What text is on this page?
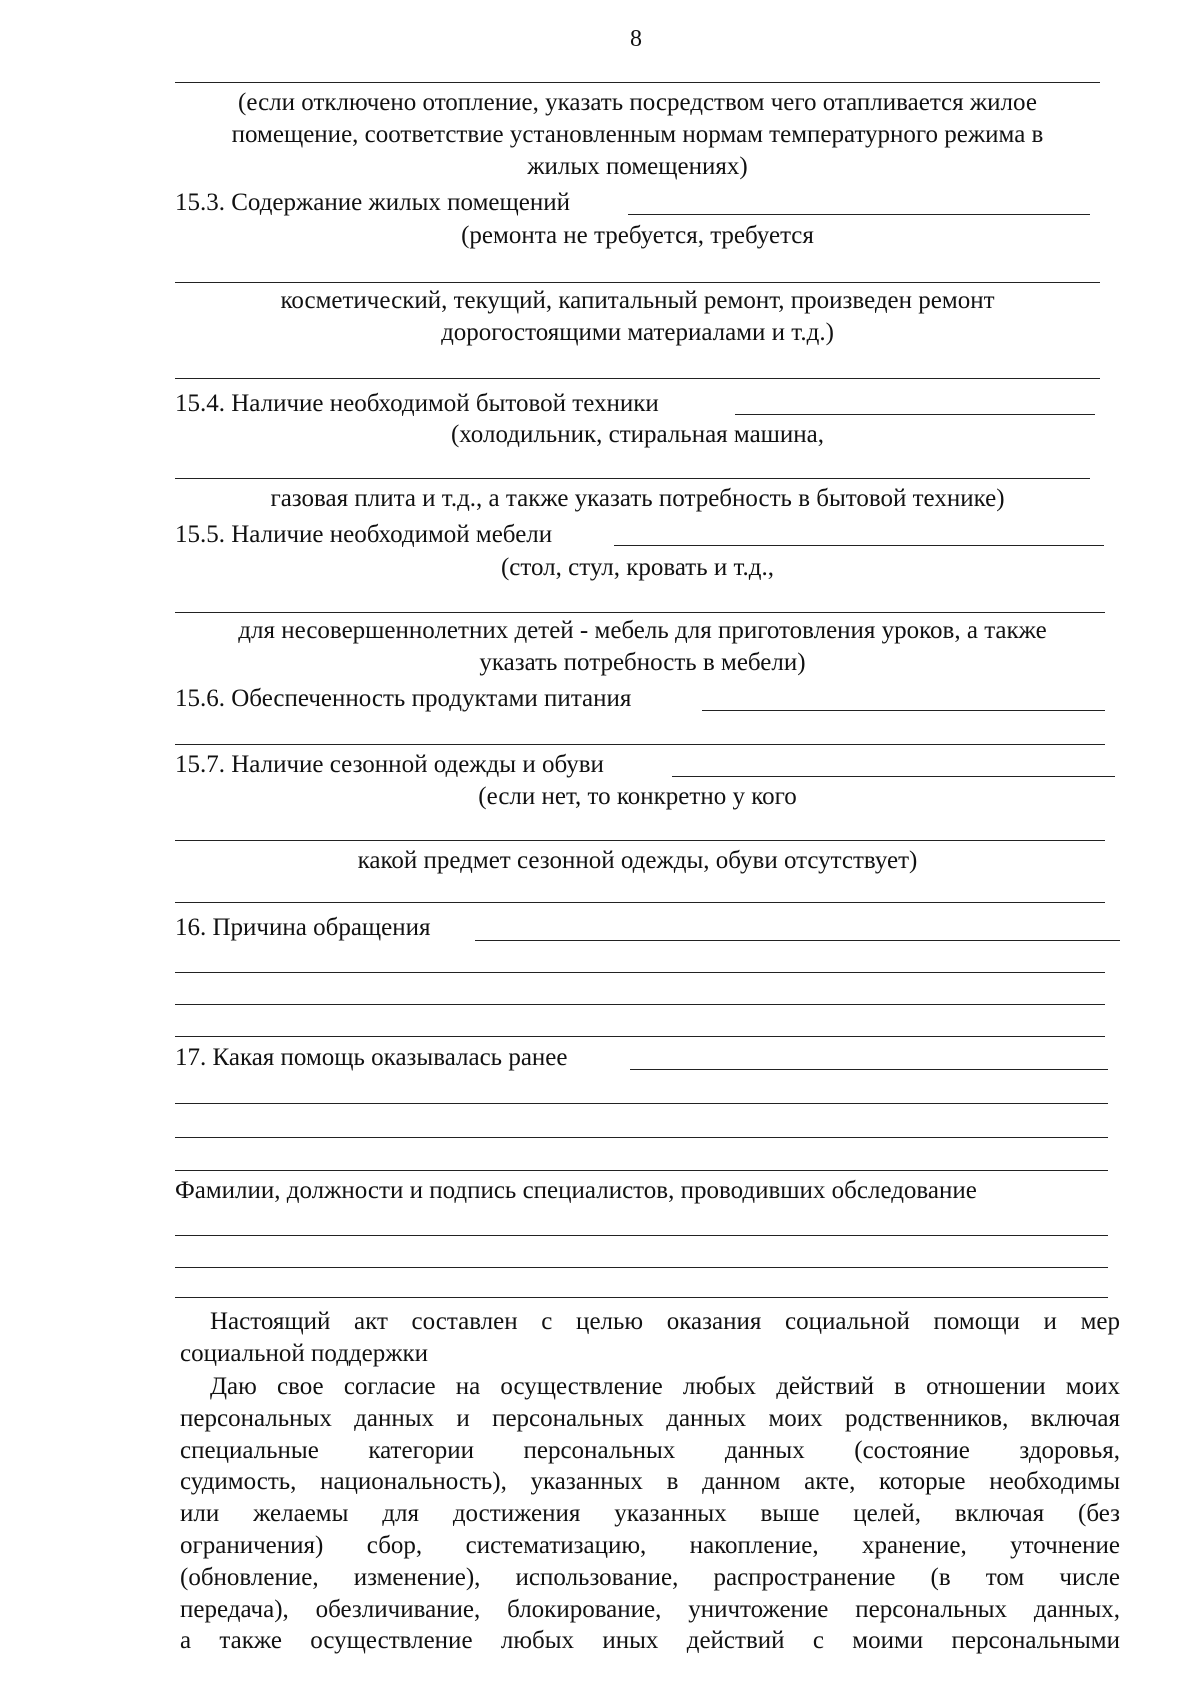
8
(если отключено отопление, указать посредством чего отапливается жилое
помещение, соответствие установленным нормам температурного режима в
жилых помещениях)
15.3. Содержание жилых помещений
(ремонта не требуется, требуется
косметический, текущий, капитальный ремонт, произведен ремонт
дорогостоящими материалами и т.д.)
15.4. Наличие необходимой бытовой техники
(холодильник, стиральная машина,
газовая плита и т.д., а также указать потребность в бытовой технике)
15.5. Наличие необходимой мебели
(стол, стул, кровать и т.д.,
для несовершеннолетних детей - мебель для приготовления уроков, а также
указать потребность в мебели)
15.6. Обеспеченность продуктами питания
15.7. Наличие сезонной одежды и обуви
(если нет, то конкретно у кого
какой предмет сезонной одежды, обуви отсутствует)
16. Причина обращения
17. Какая помощь оказывалась ранее
Фамилии, должности и подпись специалистов, проводивших обследование
Настоящий акт составлен с целью оказания социальной помощи и мер
социальной поддержки
Даю свое согласие на осуществление любых действий в отношении моих
персональных данных и персональных данных моих родственников, включая
специальные категории персональных данных (состояние здоровья,
судимость, национальность), указанных в данном акте, которые необходимы
или желаемы для достижения указанных выше целей, включая (без
ограничения) сбор, систематизацию, накопление, хранение, уточнение
(обновление, изменение), использование, распространение (в том числе
передача), обезличивание, блокирование, уничтожение персональных данных,
а также осуществление любых иных действий с моими персональными
